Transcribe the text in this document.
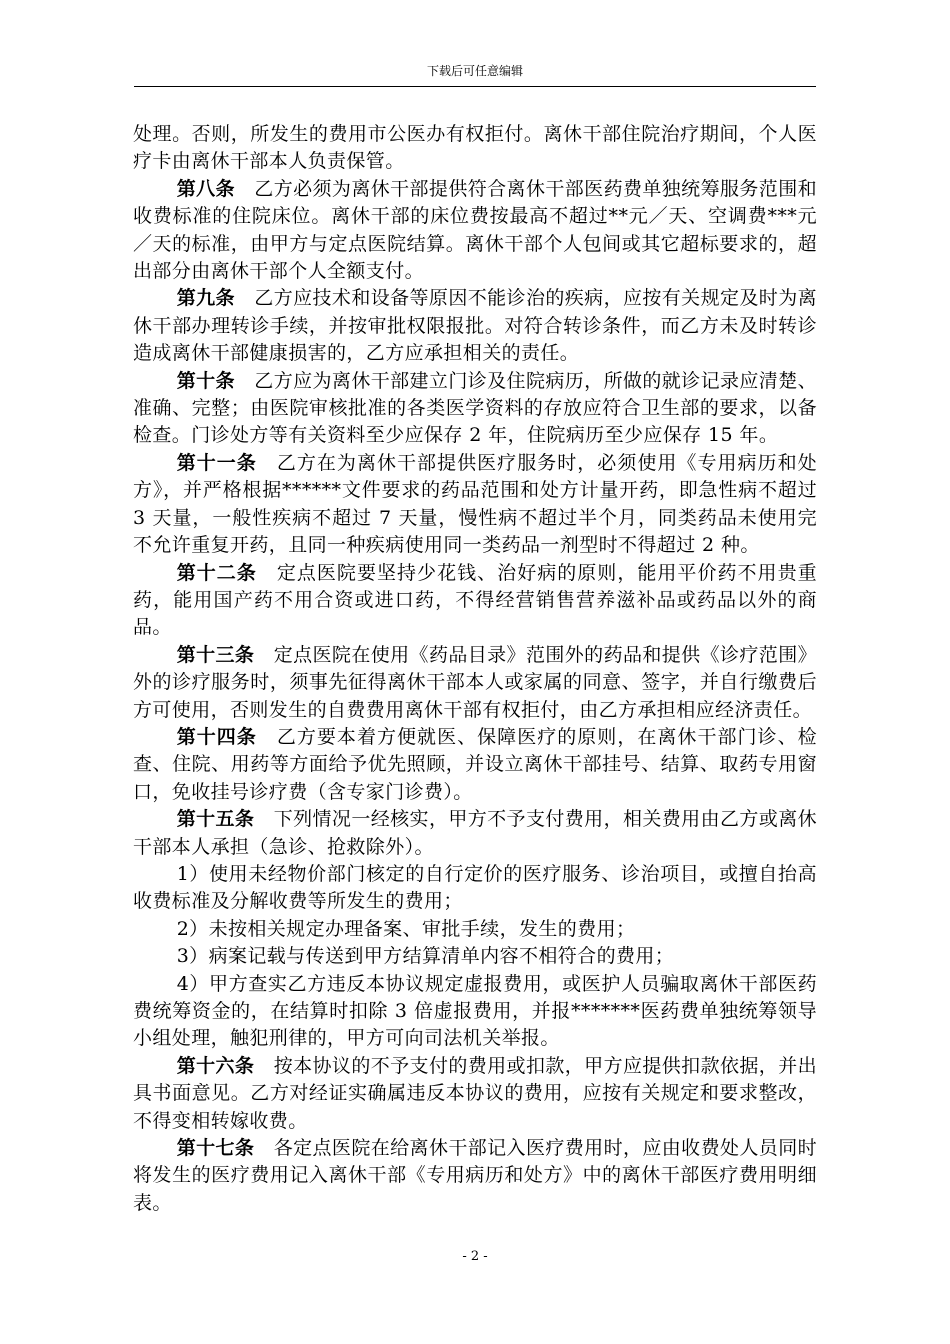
下载后可任意编辑

处理。否则，所发生的费用市公医办有权拒付。离休干部住院治疗期间，个人医疗卡由离休干部本人负责保管。

第八条　乙方必须为离休干部提供符合离休干部医药费单独统筹服务范围和收费标准的住院床位。离休干部的床位费按最高不超过**元／天、空调费***元／天的标准，由甲方与定点医院结算。离休干部个人包间或其它超标要求的，超出部分由离休干部个人全额支付。

第九条　乙方应技术和设备等原因不能诊治的疾病，应按有关规定及时为离休干部办理转诊手续，并按审批权限报批。对符合转诊条件，而乙方未及时转诊造成离休干部健康损害的，乙方应承担相关的责任。

第十条　乙方应为离休干部建立门诊及住院病历，所做的就诊记录应清楚、准确、完整；由医院审核批准的各类医学资料的存放应符合卫生部的要求，以备检查。门诊处方等有关资料至少应保存 2 年，住院病历至少应保存 15 年。

第十一条　乙方在为离休干部提供医疗服务时，必须使用《专用病历和处方》，并严格根据******文件要求的药品范围和处方计量开药，即急性病不超过 3 天量，一般性疾病不超过 7 天量，慢性病不超过半个月，同类药品未使用完不允许重复开药，且同一种疾病使用同一类药品一剂型时不得超过 2 种。

第十二条　定点医院要坚持少花钱、治好病的原则，能用平价药不用贵重药，能用国产药不用合资或进口药，不得经营销售营养滋补品或药品以外的商品。

第十三条　定点医院在使用《药品目录》范围外的药品和提供《诊疗范围》外的诊疗服务时，须事先征得离休干部本人或家属的同意、签字，并自行缴费后方可使用，否则发生的自费费用离休干部有权拒付，由乙方承担相应经济责任。

第十四条　乙方要本着方便就医、保障医疗的原则，在离休干部门诊、检查、住院、用药等方面给予优先照顾，并设立离休干部挂号、结算、取药专用窗口，免收挂号诊疗费（含专家门诊费）。

第十五条　下列情况一经核实，甲方不予支付费用，相关费用由乙方或离休干部本人承担（急诊、抢救除外）。

1）使用未经物价部门核定的自行定价的医疗服务、诊治项目，或擅自抬高收费标准及分解收费等所发生的费用；

2）未按相关规定办理备案、审批手续，发生的费用；

3）病案记载与传送到甲方结算清单内容不相符合的费用；

4）甲方查实乙方违反本协议规定虚报费用，或医护人员骗取离休干部医药费统筹资金的，在结算时扣除 3 倍虚报费用，并报*******医药费单独统筹领导小组处理，触犯刑律的，甲方可向司法机关举报。

第十六条　按本协议的不予支付的费用或扣款，甲方应提供扣款依据，并出具书面意见。乙方对经证实确属违反本协议的费用，应按有关规定和要求整改，不得变相转嫁收费。

第十七条　各定点医院在给离休干部记入医疗费用时，应由收费处人员同时将发生的医疗费用记入离休干部《专用病历和处方》中的离休干部医疗费用明细表。

- 2 -
